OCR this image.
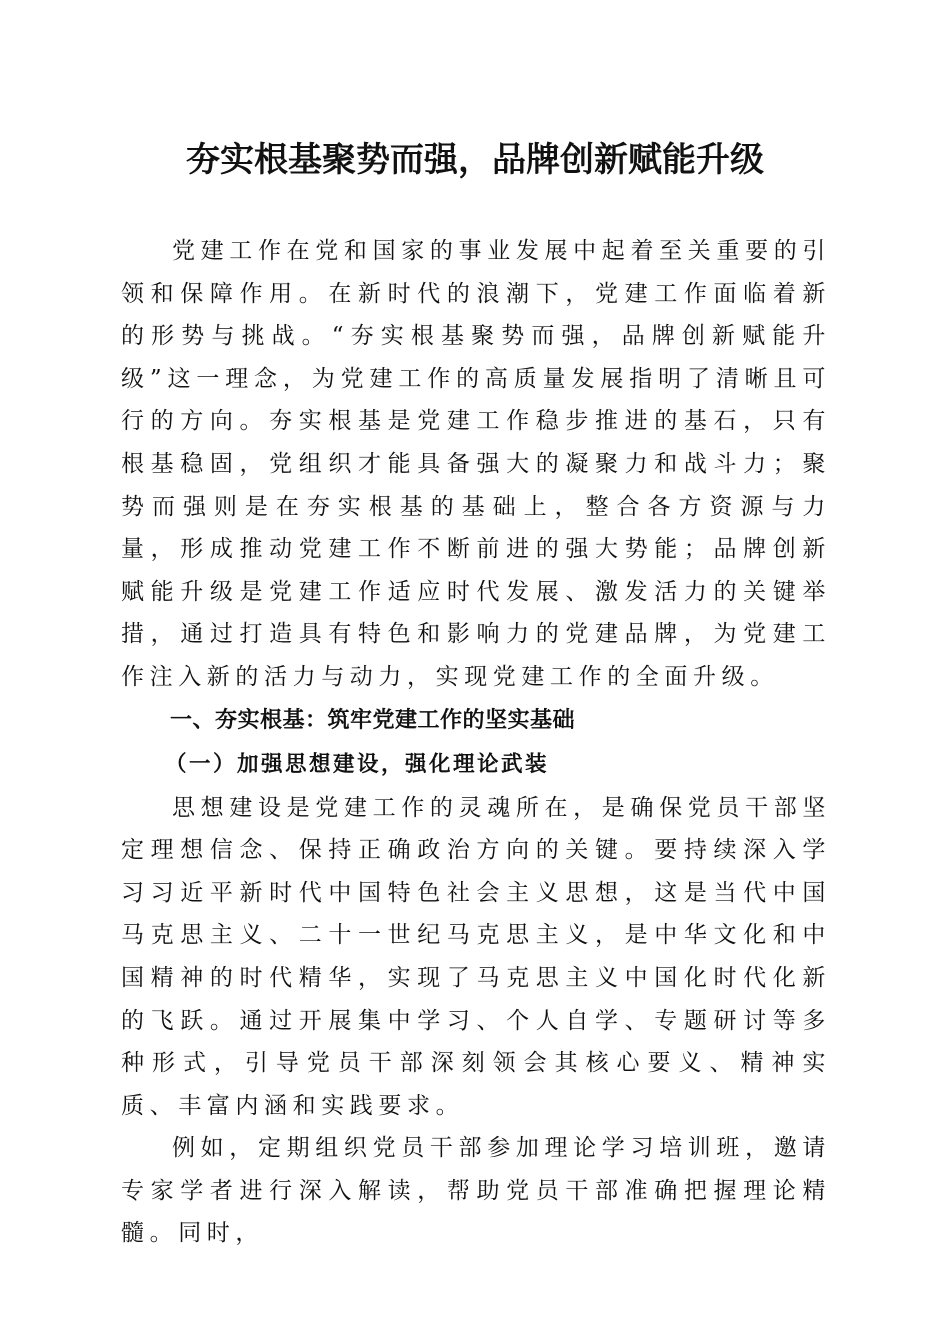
夯实根基聚势而强，品牌创新赋能升级

党建工作在党和国家的事业发展中起着至关重要的引领和保障作用。在新时代的浪潮下，党建工作面临着新的形势与挑战。“夯实根基聚势而强，品牌创新赋能升级”这一理念，为党建工作的高质量发展指明了清晰且可行的方向。夯实根基是党建工作稳步推进的基石，只有根基稳固，党组织才能具备强大的凝聚力和战斗力；聚势而强则是在夯实根基的基础上，整合各方资源与力量，形成推动党建工作不断前进的强大势能；品牌创新赋能升级是党建工作适应时代发展、激发活力的关键举措，通过打造具有特色和影响力的党建品牌，为党建工作注入新的活力与动力，实现党建工作的全面升级。

一、夯实根基：筑牢党建工作的坚实基础
（一）加强思想建设，强化理论武装

思想建设是党建工作的灵魂所在，是确保党员干部坚定理想信念、保持正确政治方向的关键。要持续深入学习习近平新时代中国特色社会主义思想，这是当代中国马克思主义、二十一世纪马克思主义，是中华文化和中国精神的时代精华，实现了马克思主义中国化时代化新的飞跃。通过开展集中学习、个人自学、专题研讨等多种形式，引导党员干部深刻领会其核心要义、精神实质、丰富内涵和实践要求。

例如，定期组织党员干部参加理论学习培训班，邀请专家学者进行深入解读，帮助党员干部准确把握理论精髓。同时，
